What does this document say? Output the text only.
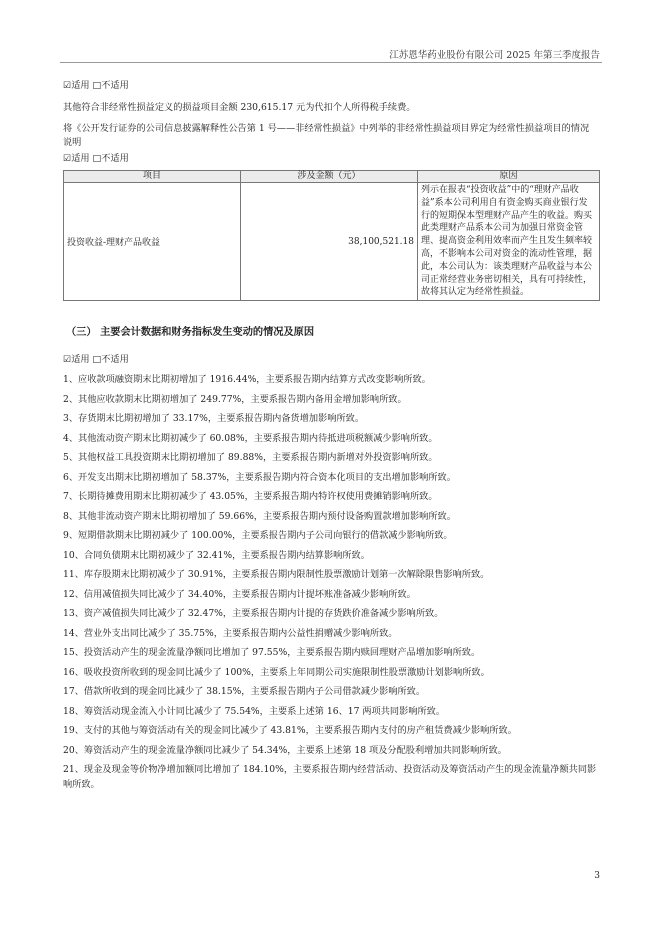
江苏恩华药业股份有限公司 2025 年第三季度报告
☑适用 □不适用
其他符合非经常性损益定义的损益项目金额 230,615.17 元为代扣个人所得税手续费。
将《公开发行证券的公司信息披露解释性公告第 1 号——非经常性损益》中列举的非经常性损益项目界定为经常性损益项目的情况说明
☑适用 □不适用
项目	涉及金额（元）	原因
投资收益-理财产品收益	38,100,521.18	列示在报表“投资收益”中的“理财产品收益”系本公司利用自有资金购买商业银行发行的短期保本型理财产品产生的收益。购买此类理财产品系本公司为加强日常资金管理、提高资金利用效率而产生且发生频率较高，不影响本公司对资金的流动性管理，据此，本公司认为：该类理财产品收益与本公司正常经营业务密切相关，具有可持续性，故将其认定为经常性损益。
（三） 主要会计数据和财务指标发生变动的情况及原因
☑适用 □不适用
1、应收款项融资期末比期初增加了 1916.44%，主要系报告期内结算方式改变影响所致。
2、其他应收款期末比期初增加了 249.77%，主要系报告期内备用金增加影响所致。
3、存货期末比期初增加了 33.17%，主要系报告期内备货增加影响所致。
4、其他流动资产期末比期初减少了 60.08%，主要系报告期内待抵进项税额减少影响所致。
5、其他权益工具投资期末比期初增加了 89.88%，主要系报告期内新增对外投资影响所致。
6、开发支出期末比期初增加了 58.37%，主要系报告期内符合资本化项目的支出增加影响所致。
7、长期待摊费用期末比期初减少了 43.05%，主要系报告期内特许权使用费摊销影响所致。
8、其他非流动资产期末比期初增加了 59.66%，主要系报告期内预付设备购置款增加影响所致。
9、短期借款期末比期初减少了 100.00%，主要系报告期内子公司向银行的借款减少影响所致。
10、合同负债期末比期初减少了 32.41%，主要系报告期内结算影响所致。
11、库存股期末比期初减少了 30.91%，主要系报告期内限制性股票激励计划第一次解除限售影响所致。
12、信用减值损失同比减少了 34.40%，主要系报告期内计提坏账准备减少影响所致。
13、资产减值损失同比减少了 32.47%，主要系报告期内计提的存货跌价准备减少影响所致。
14、营业外支出同比减少了 35.75%，主要系报告期内公益性捐赠减少影响所致。
15、投资活动产生的现金流量净额同比增加了 97.55%，主要系报告期内赎回理财产品增加影响所致。
16、吸收投资所收到的现金同比减少了 100%，主要系上年同期公司实施限制性股票激励计划影响所致。
17、借款所收到的现金同比减少了 38.15%，主要系报告期内子公司借款减少影响所致。
18、筹资活动现金流入小计同比减少了 75.54%，主要系上述第 16、17 两项共同影响所致。
19、支付的其他与筹资活动有关的现金同比减少了 43.81%，主要系报告期内支付的房产租赁费减少影响所致。
20、筹资活动产生的现金流量净额同比减少了 54.34%，主要系上述第 18 项及分配股利增加共同影响所致。
21、现金及现金等价物净增加额同比增加了 184.10%，主要系报告期内经营活动、投资活动及筹资活动产生的现金流量净额共同影响所致。
3
